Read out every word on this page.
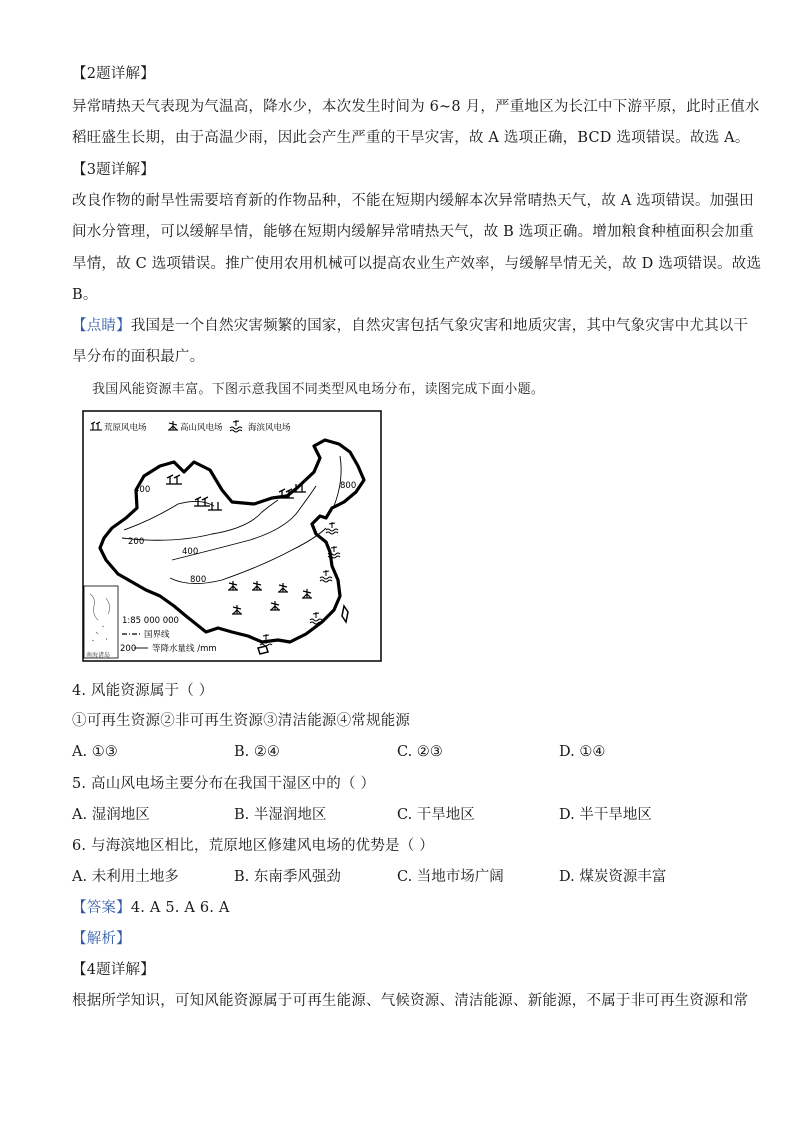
【2题详解】
异常晴热天气表现为气温高，降水少，本次发生时间为 6~8 月，严重地区为长江中下游平原，此时正值水
稻旺盛生长期，由于高温少雨，因此会产生严重的干旱灾害，故 A 选项正确，BCD 选项错误。故选 A。
【3题详解】
改良作物的耐旱性需要培育新的作物品种，不能在短期内缓解本次异常晴热天气，故 A 选项错误。加强田
间水分管理，可以缓解旱情，能够在短期内缓解异常晴热天气，故 B 选项正确。增加粮食种植面积会加重
旱情，故 C 选项错误。推广使用农用机械可以提高农业生产效率，与缓解旱情无关，故 D 选项错误。故选
B。
【点睛】我国是一个自然灾害频繁的国家，自然灾害包括气象灾害和地质灾害，其中气象灾害中尤其以干
旱分布的面积最广。
我国风能资源丰富。下图示意我国不同类型风电场分布，读图完成下面小题。
荒原风电场	高山风电场	海滨风电场
400	800
200
400
800
南海诸岛
1:85 000 000
国界线
200 等降水量线 /mm
4. 风能资源属于（ ）
①可再生资源②非可再生资源③清洁能源④常规能源
A. ①③	B. ②④	C. ②③	D. ①④
5. 高山风电场主要分布在我国干湿区中的（ ）
A. 湿润地区	B. 半湿润地区	C. 干旱地区	D. 半干旱地区
6. 与海滨地区相比，荒原地区修建风电场的优势是（ ）
A. 未利用土地多	B. 东南季风强劲	C. 当地市场广阔	D. 煤炭资源丰富
【答案】4. A 5. A 6. A
【解析】
【4题详解】
根据所学知识，可知风能资源属于可再生能源、气候资源、清洁能源、新能源，不属于非可再生资源和常
